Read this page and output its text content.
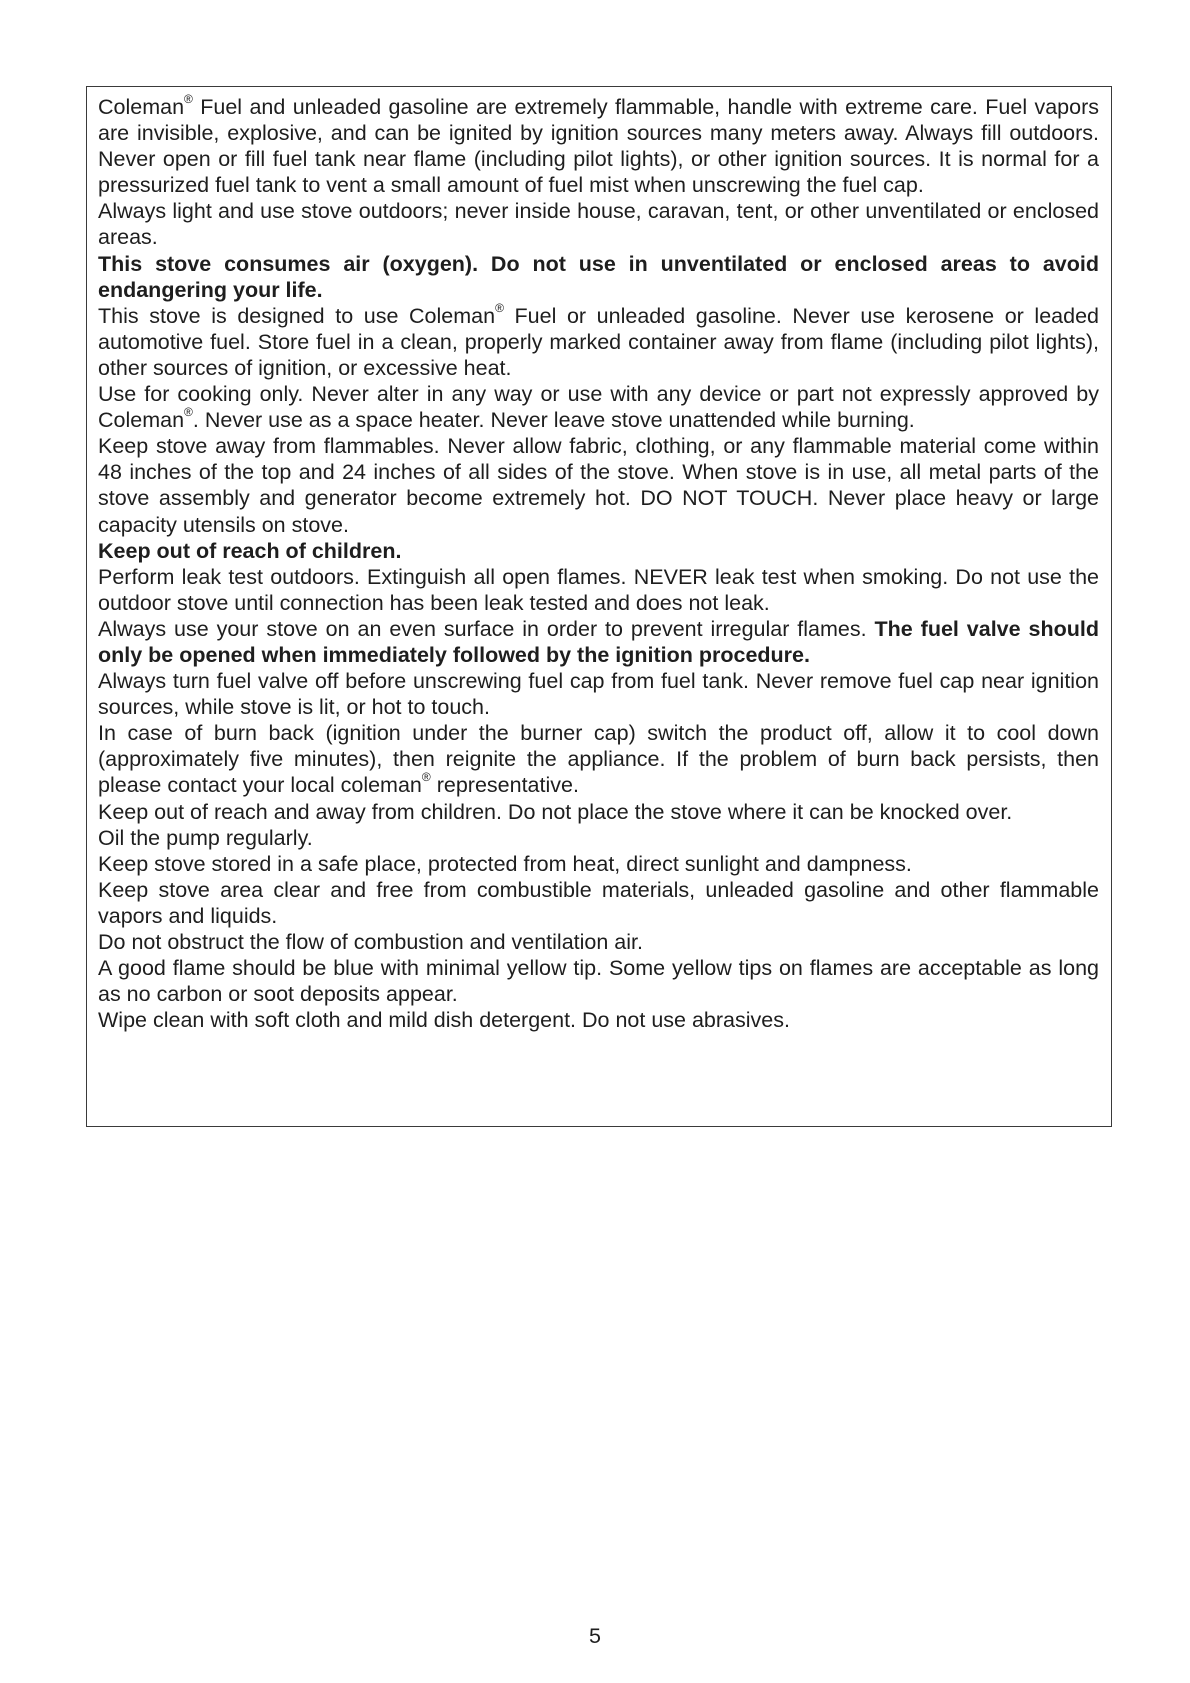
Coleman® Fuel and unleaded gasoline are extremely flammable, handle with extreme care. Fuel vapors are invisible, explosive, and can be ignited by ignition sources many meters away. Always fill outdoors. Never open or fill fuel tank near flame (including pilot lights), or other ignition sources. It is normal for a pressurized fuel tank to vent a small amount of fuel mist when unscrewing the fuel cap.

Always light and use stove outdoors; never inside house, caravan, tent, or other unventilated or enclosed areas.

This stove consumes air (oxygen). Do not use in unventilated or enclosed areas to avoid endangering your life.

This stove is designed to use Coleman® Fuel or unleaded gasoline. Never use kerosene or leaded automotive fuel. Store fuel in a clean, properly marked container away from flame (including pilot lights), other sources of ignition, or excessive heat.

Use for cooking only. Never alter in any way or use with any device or part not expressly approved by Coleman®. Never use as a space heater. Never leave stove unattended while burning.

Keep stove away from flammables. Never allow fabric, clothing, or any flammable material come within 48 inches of the top and 24 inches of all sides of the stove. When stove is in use, all metal parts of the stove assembly and generator become extremely hot. DO NOT TOUCH. Never place heavy or large capacity utensils on stove.

Keep out of reach of children.

Perform leak test outdoors. Extinguish all open flames. NEVER leak test when smoking. Do not use the outdoor stove until connection has been leak tested and does not leak.

Always use your stove on an even surface in order to prevent irregular flames. The fuel valve should only be opened when immediately followed by the ignition procedure.

Always turn fuel valve off before unscrewing fuel cap from fuel tank. Never remove fuel cap near ignition sources, while stove is lit, or hot to touch.

In case of burn back (ignition under the burner cap) switch the product off, allow it to cool down (approximately five minutes), then reignite the appliance. If the problem of burn back persists, then please contact your local coleman® representative.

Keep out of reach and away from children. Do not place the stove where it can be knocked over.

Oil the pump regularly.

Keep stove stored in a safe place, protected from heat, direct sunlight and dampness.

Keep stove area clear and free from combustible materials, unleaded gasoline and other flammable vapors and liquids.

Do not obstruct the flow of combustion and ventilation air.

A good flame should be blue with minimal yellow tip. Some yellow tips on flames are acceptable as long as no carbon or soot deposits appear.

Wipe clean with soft cloth and mild dish detergent. Do not use abrasives.

5
